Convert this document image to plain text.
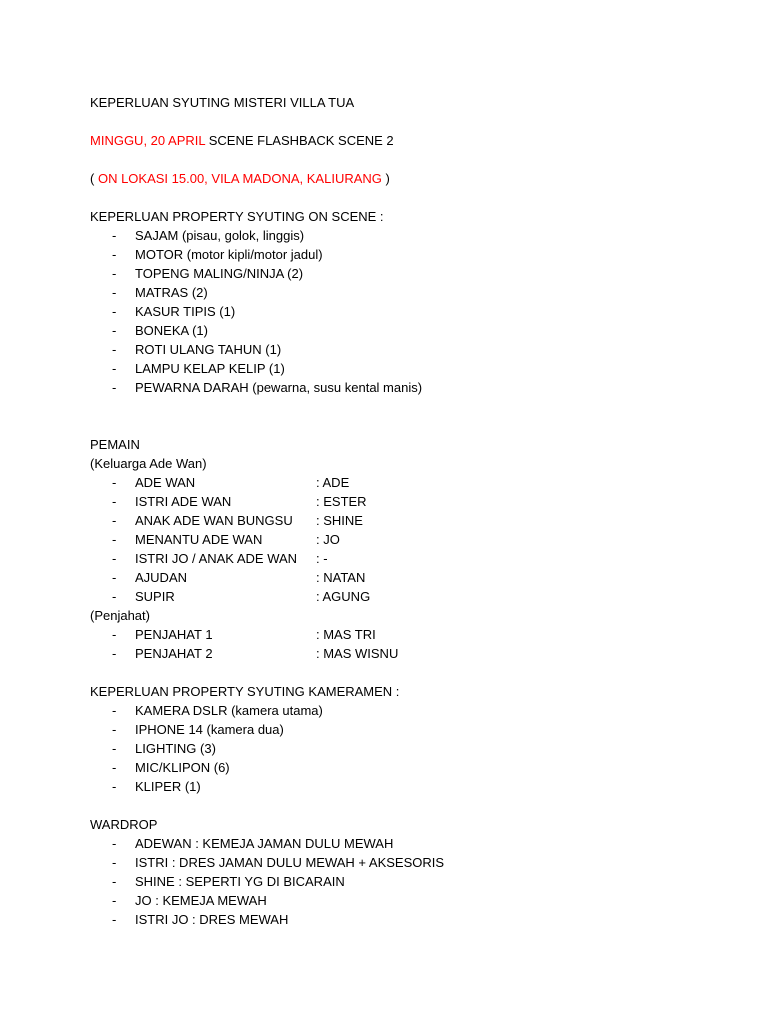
KEPERLUAN SYUTING MISTERI VILLA TUA
MINGGU, 20 APRIL SCENE FLASHBACK SCENE 2
( ON LOKASI 15.00, VILA MADONA, KALIURANG )
KEPERLUAN PROPERTY SYUTING ON SCENE :
- SAJAM (pisau, golok, linggis)
- MOTOR (motor kipli/motor jadul)
- TOPENG MALING/NINJA (2)
- MATRAS (2)
- KASUR TIPIS (1)
- BONEKA (1)
- ROTI ULANG TAHUN (1)
- LAMPU KELAP KELIP (1)
- PEWARNA DARAH (pewarna, susu kental manis)
PEMAIN
(Keluarga Ade Wan)
- ADE WAN	: ADE
- ISTRI ADE WAN	: ESTER
- ANAK ADE WAN BUNGSU : SHINE
- MENANTU ADE WAN	: JO
- ISTRI JO / ANAK ADE WAN : -
- AJUDAN	: NATAN
- SUPIR	: AGUNG
(Penjahat)
- PENJAHAT 1	: MAS TRI
- PENJAHAT 2	: MAS WISNU
KEPERLUAN PROPERTY SYUTING KAMERAMEN :
- KAMERA DSLR (kamera utama)
- IPHONE 14 (kamera dua)
- LIGHTING (3)
- MIC/KLIPON (6)
- KLIPER (1)
WARDROP
- ADEWAN : KEMEJA JAMAN DULU MEWAH
- ISTRI : DRES JAMAN DULU MEWAH + AKSESORIS
- SHINE : SEPERTI YG DI BICARAIN
- JO : KEMEJA MEWAH
- ISTRI JO : DRES MEWAH
